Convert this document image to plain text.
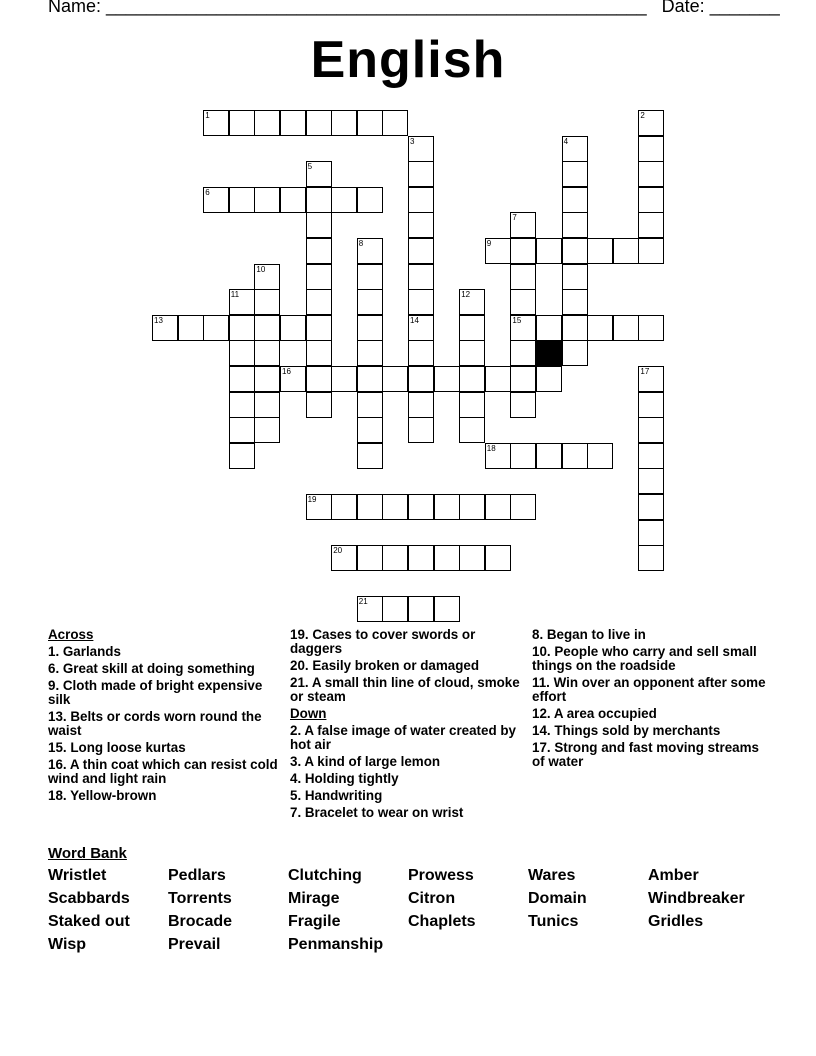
Name: ______________________________________________________ Date: _______
English
1	2
3	4
5
6
7
15
8	9
10
11	12
13	14
16	17
18
19
20
21
Across
1. Garlands
6. Great skill at doing something
9. Cloth made of bright expensive silk
13. Belts or cords worn round the waist
15. Long loose kurtas
16. A thin coat which can resist cold wind and light rain
18. Yellow-brown
19. Cases to cover swords or daggers
20. Easily broken or damaged
21. A small thin line of cloud, smoke or steam
Down
2. A false image of water created by hot air
3. A kind of large lemon
4. Holding tightly
5. Handwriting
7. Bracelet to wear on wrist
8. Began to live in
10. People who carry and sell small things on the roadside
11. Win over an opponent after some effort
12. A area occupied
14. Things sold by merchants
17. Strong and fast moving streams of water
Word Bank
Wristlet	Pedlars	Clutching	Prowess	Wares	Amber
Scabbards	Torrents	Mirage	Citron	Domain	Windbreaker
Staked out	Brocade	Fragile	Chaplets	Tunics	Gridles
Wisp	Prevail	Penmanship
